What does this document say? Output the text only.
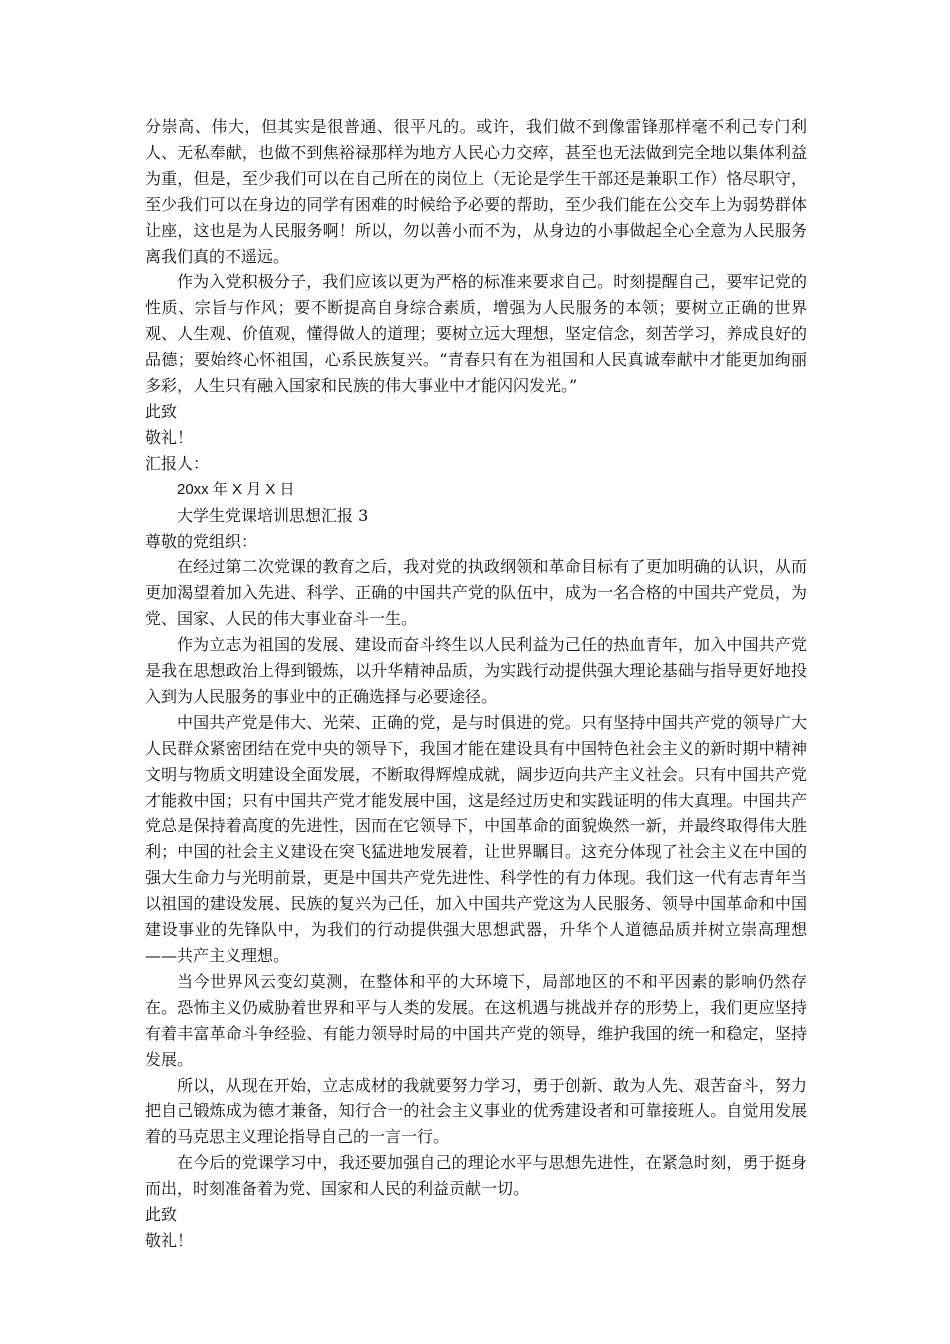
分崇高、伟大，但其实是很普通、很平凡的。或许，我们做不到像雷锋那样毫不利己专门利人、无私奉献，也做不到焦裕禄那样为地方人民心力交瘁，甚至也无法做到完全地以集体利益为重，但是，至少我们可以在自己所在的岗位上（无论是学生干部还是兼职工作）恪尽职守，至少我们可以在身边的同学有困难的时候给予必要的帮助，至少我们能在公交车上为弱势群体让座，这也是为人民服务啊！所以，勿以善小而不为，从身边的小事做起全心全意为人民服务离我们真的不遥远。

作为入党积极分子，我们应该以更为严格的标准来要求自己。时刻提醒自己，要牢记党的性质、宗旨与作风；要不断提高自身综合素质，增强为人民服务的本领；要树立正确的世界观、人生观、价值观，懂得做人的道理；要树立远大理想，坚定信念，刻苦学习，养成良好的品德；要始终心怀祖国，心系民族复兴。“青春只有在为祖国和人民真诚奉献中才能更加绚丽多彩，人生只有融入国家和民族的伟大事业中才能闪闪发光。”

此致

敬礼！

汇报人：

20xx 年 X 月 X 日

大学生党课培训思想汇报 3

尊敬的党组织：

在经过第二次党课的教育之后，我对党的执政纲领和革命目标有了更加明确的认识，从而更加渴望着加入先进、科学、正确的中国共产党的队伍中，成为一名合格的中国共产党员，为党、国家、人民的伟大事业奋斗一生。

作为立志为祖国的发展、建设而奋斗终生以人民利益为己任的热血青年，加入中国共产党是我在思想政治上得到锻炼，以升华精神品质，为实践行动提供强大理论基础与指导更好地投入到为人民服务的事业中的正确选择与必要途径。

中国共产党是伟大、光荣、正确的党，是与时俱进的党。只有坚持中国共产党的领导广大人民群众紧密团结在党中央的领导下，我国才能在建设具有中国特色社会主义的新时期中精神文明与物质文明建设全面发展，不断取得辉煌成就，阔步迈向共产主义社会。只有中国共产党才能救中国；只有中国共产党才能发展中国，这是经过历史和实践证明的伟大真理。中国共产党总是保持着高度的先进性，因而在它领导下，中国革命的面貌焕然一新，并最终取得伟大胜利；中国的社会主义建设在突飞猛进地发展着，让世界瞩目。这充分体现了社会主义在中国的强大生命力与光明前景，更是中国共产党先进性、科学性的有力体现。我们这一代有志青年当以祖国的建设发展、民族的复兴为己任，加入中国共产党这为人民服务、领导中国革命和中国建设事业的先锋队中，为我们的行动提供强大思想武器，升华个人道德品质并树立崇高理想——共产主义理想。

当今世界风云变幻莫测，在整体和平的大环境下，局部地区的不和平因素的影响仍然存在。恐怖主义仍威胁着世界和平与人类的发展。在这机遇与挑战并存的形势上，我们更应坚持有着丰富革命斗争经验、有能力领导时局的中国共产党的领导，维护我国的统一和稳定，坚持发展。

所以，从现在开始，立志成材的我就要努力学习，勇于创新、敢为人先、艰苦奋斗，努力把自己锻炼成为德才兼备，知行合一的社会主义事业的优秀建设者和可靠接班人。自觉用发展着的马克思主义理论指导自己的一言一行。

在今后的党课学习中，我还要加强自己的理论水平与思想先进性，在紧急时刻，勇于挺身而出，时刻准备着为党、国家和人民的利益贡献一切。

此致

敬礼！
